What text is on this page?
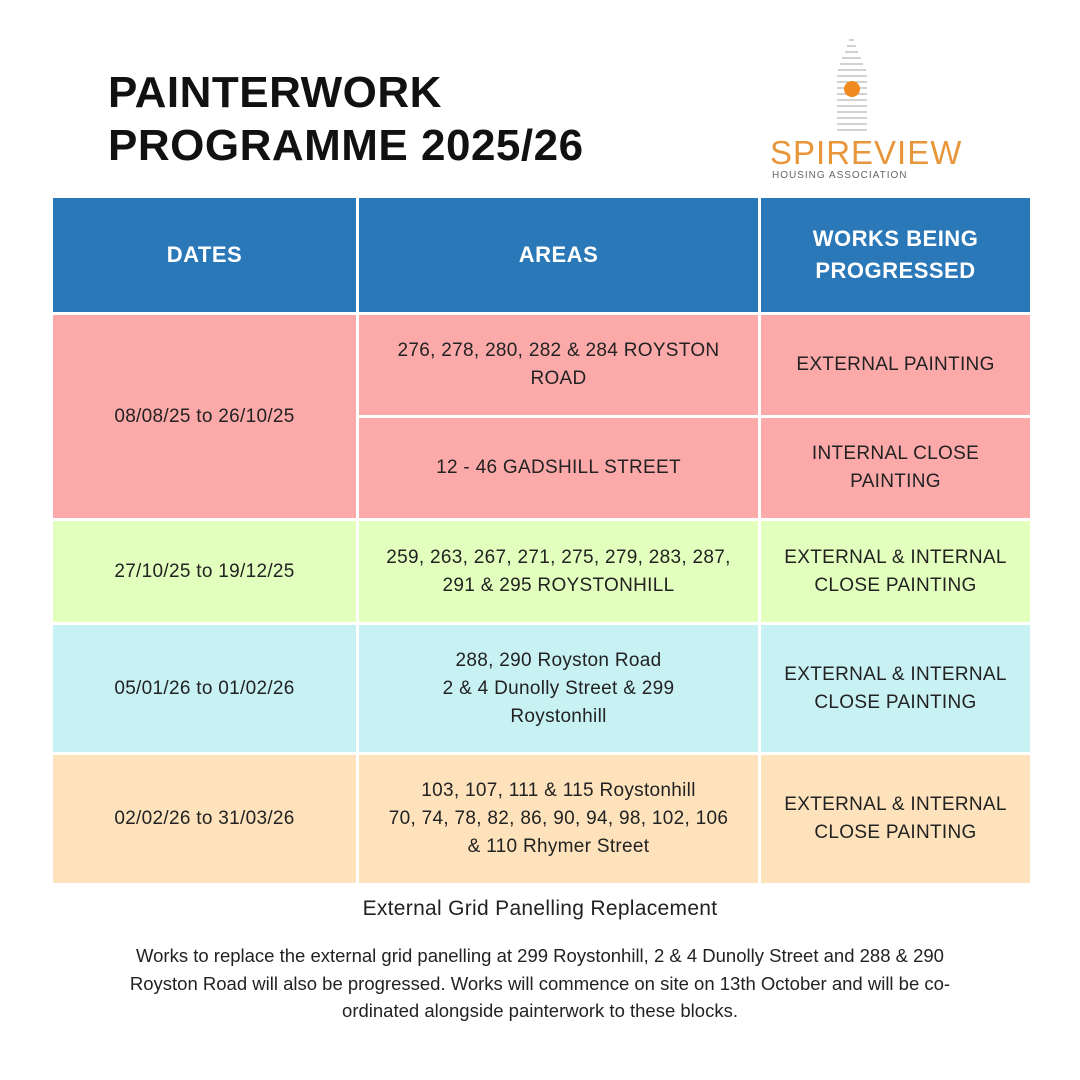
PAINTERWORK
PROGRAMME 2025/26	SPIREVIEW
HOUSING ASSOCIATION
DATES	AREAS	WORKS BEING
PROGRESSED
08/08/25 to 26/10/25	276, 278, 280, 282 & 284 ROYSTON
ROAD	EXTERNAL PAINTING
	12 - 46 GADSHILL STREET	INTERNAL CLOSE
PAINTING
27/10/25 to 19/12/25	259, 263, 267, 271, 275, 279, 283, 287,
291 & 295 ROYSTONHILL	EXTERNAL & INTERNAL
CLOSE PAINTING
05/01/26 to 01/02/26	288, 290 Royston Road
2 & 4 Dunolly Street & 299
Roystonhill	EXTERNAL & INTERNAL
CLOSE PAINTING
02/02/26 to 31/03/26	103, 107, 111 & 115 Roystonhill
70, 74, 78, 82, 86, 90, 94, 98, 102, 106
& 110 Rhymer Street	EXTERNAL & INTERNAL
CLOSE PAINTING
External Grid Panelling Replacement
Works to replace the external grid panelling at 299 Roystonhill, 2 & 4 Dunolly Street and 288 & 290 Royston Road will also be progressed. Works will commence on site on 13th October and will be co-ordinated alongside painterwork to these blocks.
